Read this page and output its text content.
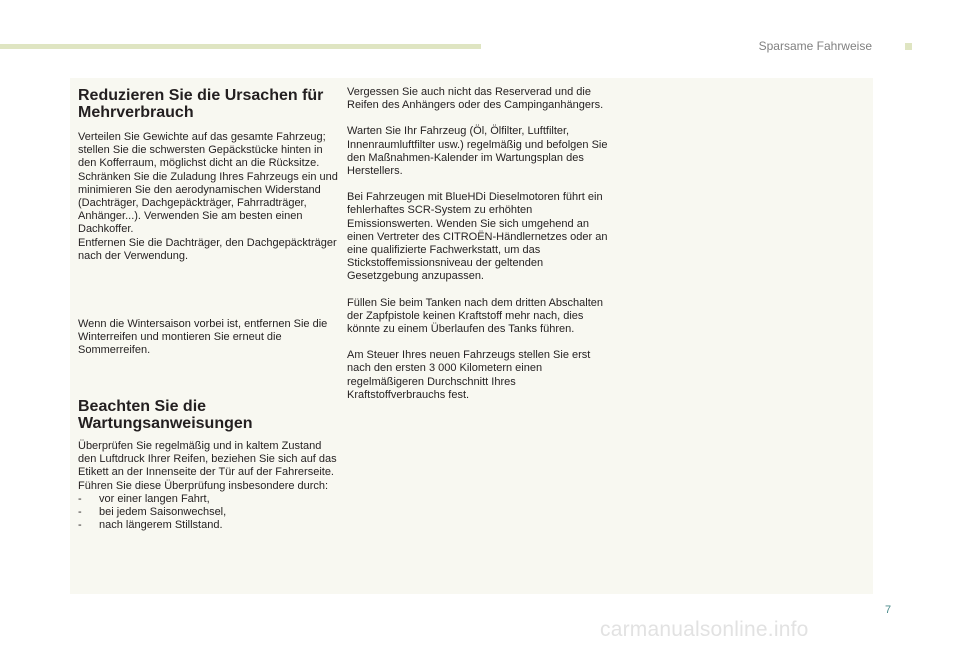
Sparsame Fahrweise
Reduzieren Sie die Ursachen für Mehrverbrauch

Verteilen Sie Gewichte auf das gesamte Fahrzeug; stellen Sie die schwersten Gepäckstücke hinten in den Kofferraum, möglichst dicht an die Rücksitze.

Schränken Sie die Zuladung Ihres Fahrzeugs ein und minimieren Sie den aerodynamischen Widerstand (Dachträger, Dachgepäckträger, Fahrradträger, Anhänger...). Verwenden Sie am besten einen Dachkoffer.

Entfernen Sie die Dachträger, den Dachgepäckträger nach der Verwendung.

Wenn die Wintersaison vorbei ist, entfernen Sie die Winterreifen und montieren Sie erneut die Sommerreifen.

Beachten Sie die Wartungsanweisungen

Überprüfen Sie regelmäßig und in kaltem Zustand den Luftdruck Ihrer Reifen, beziehen Sie sich auf das Etikett an der Innenseite der Tür auf der Fahrerseite.

Führen Sie diese Überprüfung insbesondere durch:

- vor einer langen Fahrt,
- bei jedem Saisonwechsel,
- nach längerem Stillstand.

Vergessen Sie auch nicht das Reserverad und die Reifen des Anhängers oder des Campinganhängers.

Warten Sie Ihr Fahrzeug (Öl, Ölfilter, Luftfilter, Innenraumluftfilter usw.) regelmäßig und befolgen Sie den Maßnahmen-Kalender im Wartungsplan des Herstellers.

Bei Fahrzeugen mit BlueHDi Dieselmotoren führt ein fehlerhaftes SCR-System zu erhöhten Emissionswerten. Wenden Sie sich umgehend an einen Vertreter des CITROËN-Händlernetzes oder an eine qualifizierte Fachwerkstatt, um das Stickstoffemissionsniveau der geltenden Gesetzgebung anzupassen.

Füllen Sie beim Tanken nach dem dritten Abschalten der Zapfpistole keinen Kraftstoff mehr nach, dies könnte zu einem Überlaufen des Tanks führen.

Am Steuer Ihres neuen Fahrzeugs stellen Sie erst nach den ersten 3 000 Kilometern einen regelmäßigeren Durchschnitt Ihres Kraftstoffverbrauchs fest.

7
carmanualsonline.info
